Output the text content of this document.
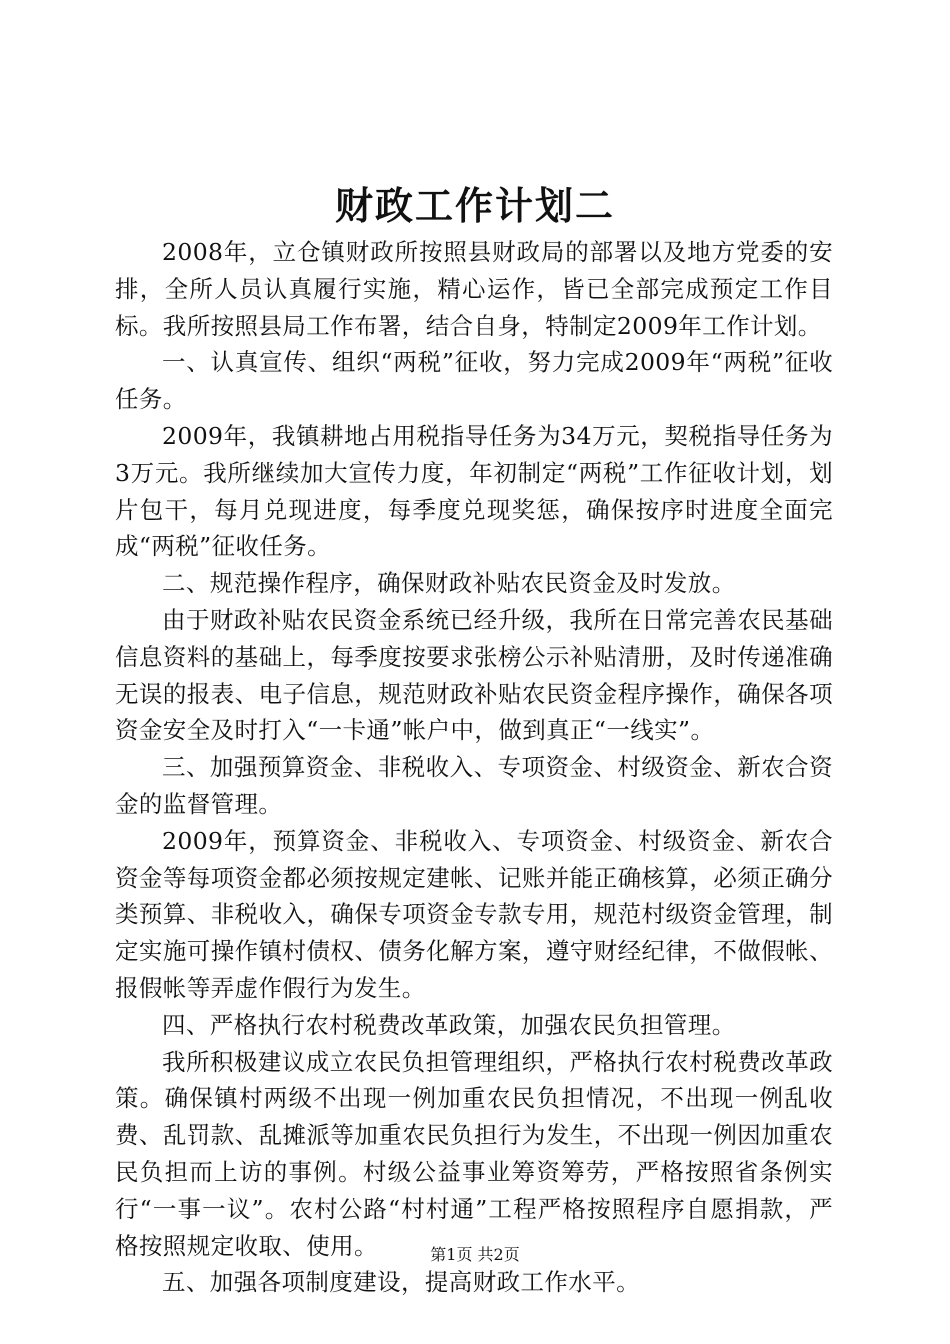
财政工作计划二

2008年，立仓镇财政所按照县财政局的部署以及地方党委的安排，全所人员认真履行实施，精心运作，皆已全部完成预定工作目标。我所按照县局工作布署，结合自身，特制定2009年工作计划。

一、认真宣传、组织“两税”征收，努力完成2009年“两税”征收任务。

2009年，我镇耕地占用税指导任务为34万元，契税指导任务为3万元。我所继续加大宣传力度，年初制定“两税”工作征收计划，划片包干，每月兑现进度，每季度兑现奖惩，确保按序时进度全面完成“两税”征收任务。

二、规范操作程序，确保财政补贴农民资金及时发放。

由于财政补贴农民资金系统已经升级，我所在日常完善农民基础信息资料的基础上，每季度按要求张榜公示补贴清册，及时传递准确无误的报表、电子信息，规范财政补贴农民资金程序操作，确保各项资金安全及时打入“一卡通”帐户中，做到真正“一线实”。

三、加强预算资金、非税收入、专项资金、村级资金、新农合资金的监督管理。

2009年，预算资金、非税收入、专项资金、村级资金、新农合资金等每项资金都必须按规定建帐、记账并能正确核算，必须正确分类预算、非税收入，确保专项资金专款专用，规范村级资金管理，制定实施可操作镇村债权、债务化解方案，遵守财经纪律，不做假帐、报假帐等弄虚作假行为发生。

四、严格执行农村税费改革政策，加强农民负担管理。

我所积极建议成立农民负担管理组织，严格执行农村税费改革政策。确保镇村两级不出现一例加重农民负担情况，不出现一例乱收费、乱罚款、乱摊派等加重农民负担行为发生，不出现一例因加重农民负担而上访的事例。村级公益事业筹资筹劳，严格按照省条例实行“一事一议”。农村公路“村村通”工程严格按照程序自愿捐款，严格按照规定收取、使用。

五、加强各项制度建设，提高财政工作水平。

第1页 共2页
